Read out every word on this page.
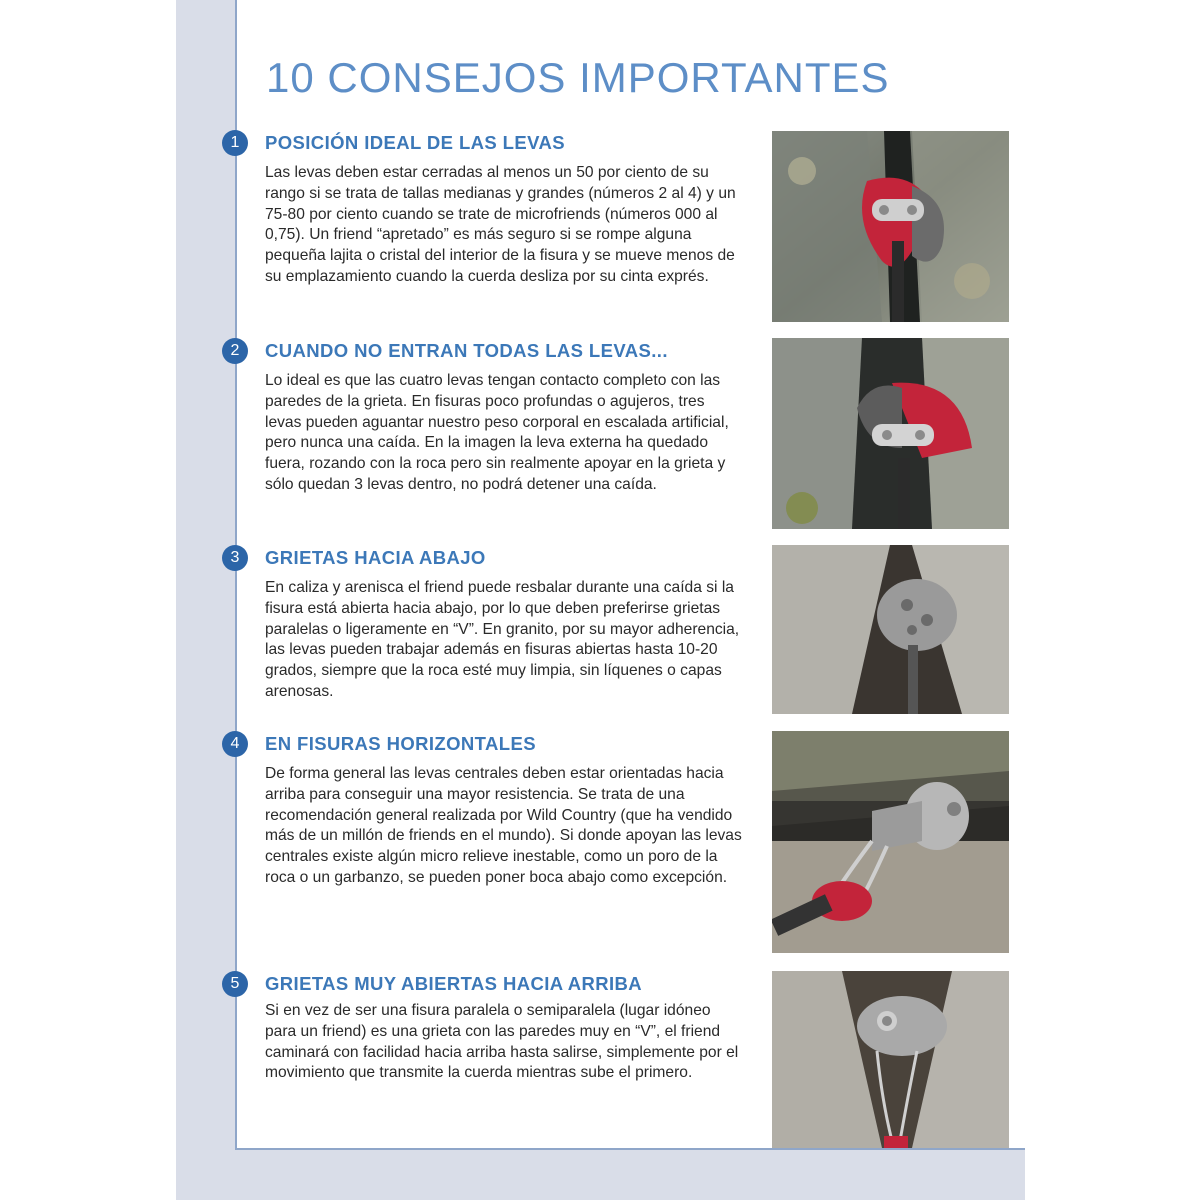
10 CONSEJOS IMPORTANTES
1	POSICIÓN IDEAL DE LAS LEVAS

Las levas deben estar cerradas al menos un 50 por ciento de su rango si se trata de tallas medianas y grandes (números 2 al 4) y un 75-80 por ciento cuando se trate de microfriends (números 000 al 0,75). Un friend “apretado” es más seguro si se rompe alguna pequeña lajita o cristal del interior de la fisura y se mueve menos de su emplazamiento cuando la cuerda desliza por su cinta exprés.

2	CUANDO NO ENTRAN TODAS LAS LEVAS...

Lo ideal es que las cuatro levas tengan contacto completo con las paredes de la grieta. En fisuras poco profundas o agujeros, tres levas pueden aguantar nuestro peso corporal en escalada artificial, pero nunca una caída. En la imagen la leva externa ha quedado fuera, rozando con la roca pero sin realmente apoyar en la grieta y sólo quedan 3 levas dentro, no podrá detener una caída.

3	GRIETAS HACIA ABAJO

En caliza y arenisca el friend puede resbalar durante una caída si la fisura está abierta hacia abajo, por lo que deben preferirse grietas paralelas o ligeramente en “V”. En granito, por su mayor adherencia, las levas pueden trabajar además en fisuras abiertas hasta 10-20 grados, siempre que la roca esté muy limpia, sin líquenes o capas arenosas.

4	EN FISURAS HORIZONTALES

De forma general las levas centrales deben estar orientadas hacia arriba para conseguir una mayor resistencia. Se trata de una recomendación general realizada por Wild Country (que ha vendido más de un millón de friends en el mundo). Si donde apoyan las levas centrales existe algún micro relieve inestable, como un poro de la roca o un garbanzo, se pueden poner boca abajo como excepción.

5	GRIETAS MUY ABIERTAS HACIA ARRIBA

Si en vez de ser una fisura paralela o semiparalela (lugar idóneo para un friend) es una grieta con las paredes muy en “V”, el friend caminará con facilidad hacia arriba hasta salirse, simplemente por el movimiento que transmite la cuerda mientras sube el primero.
